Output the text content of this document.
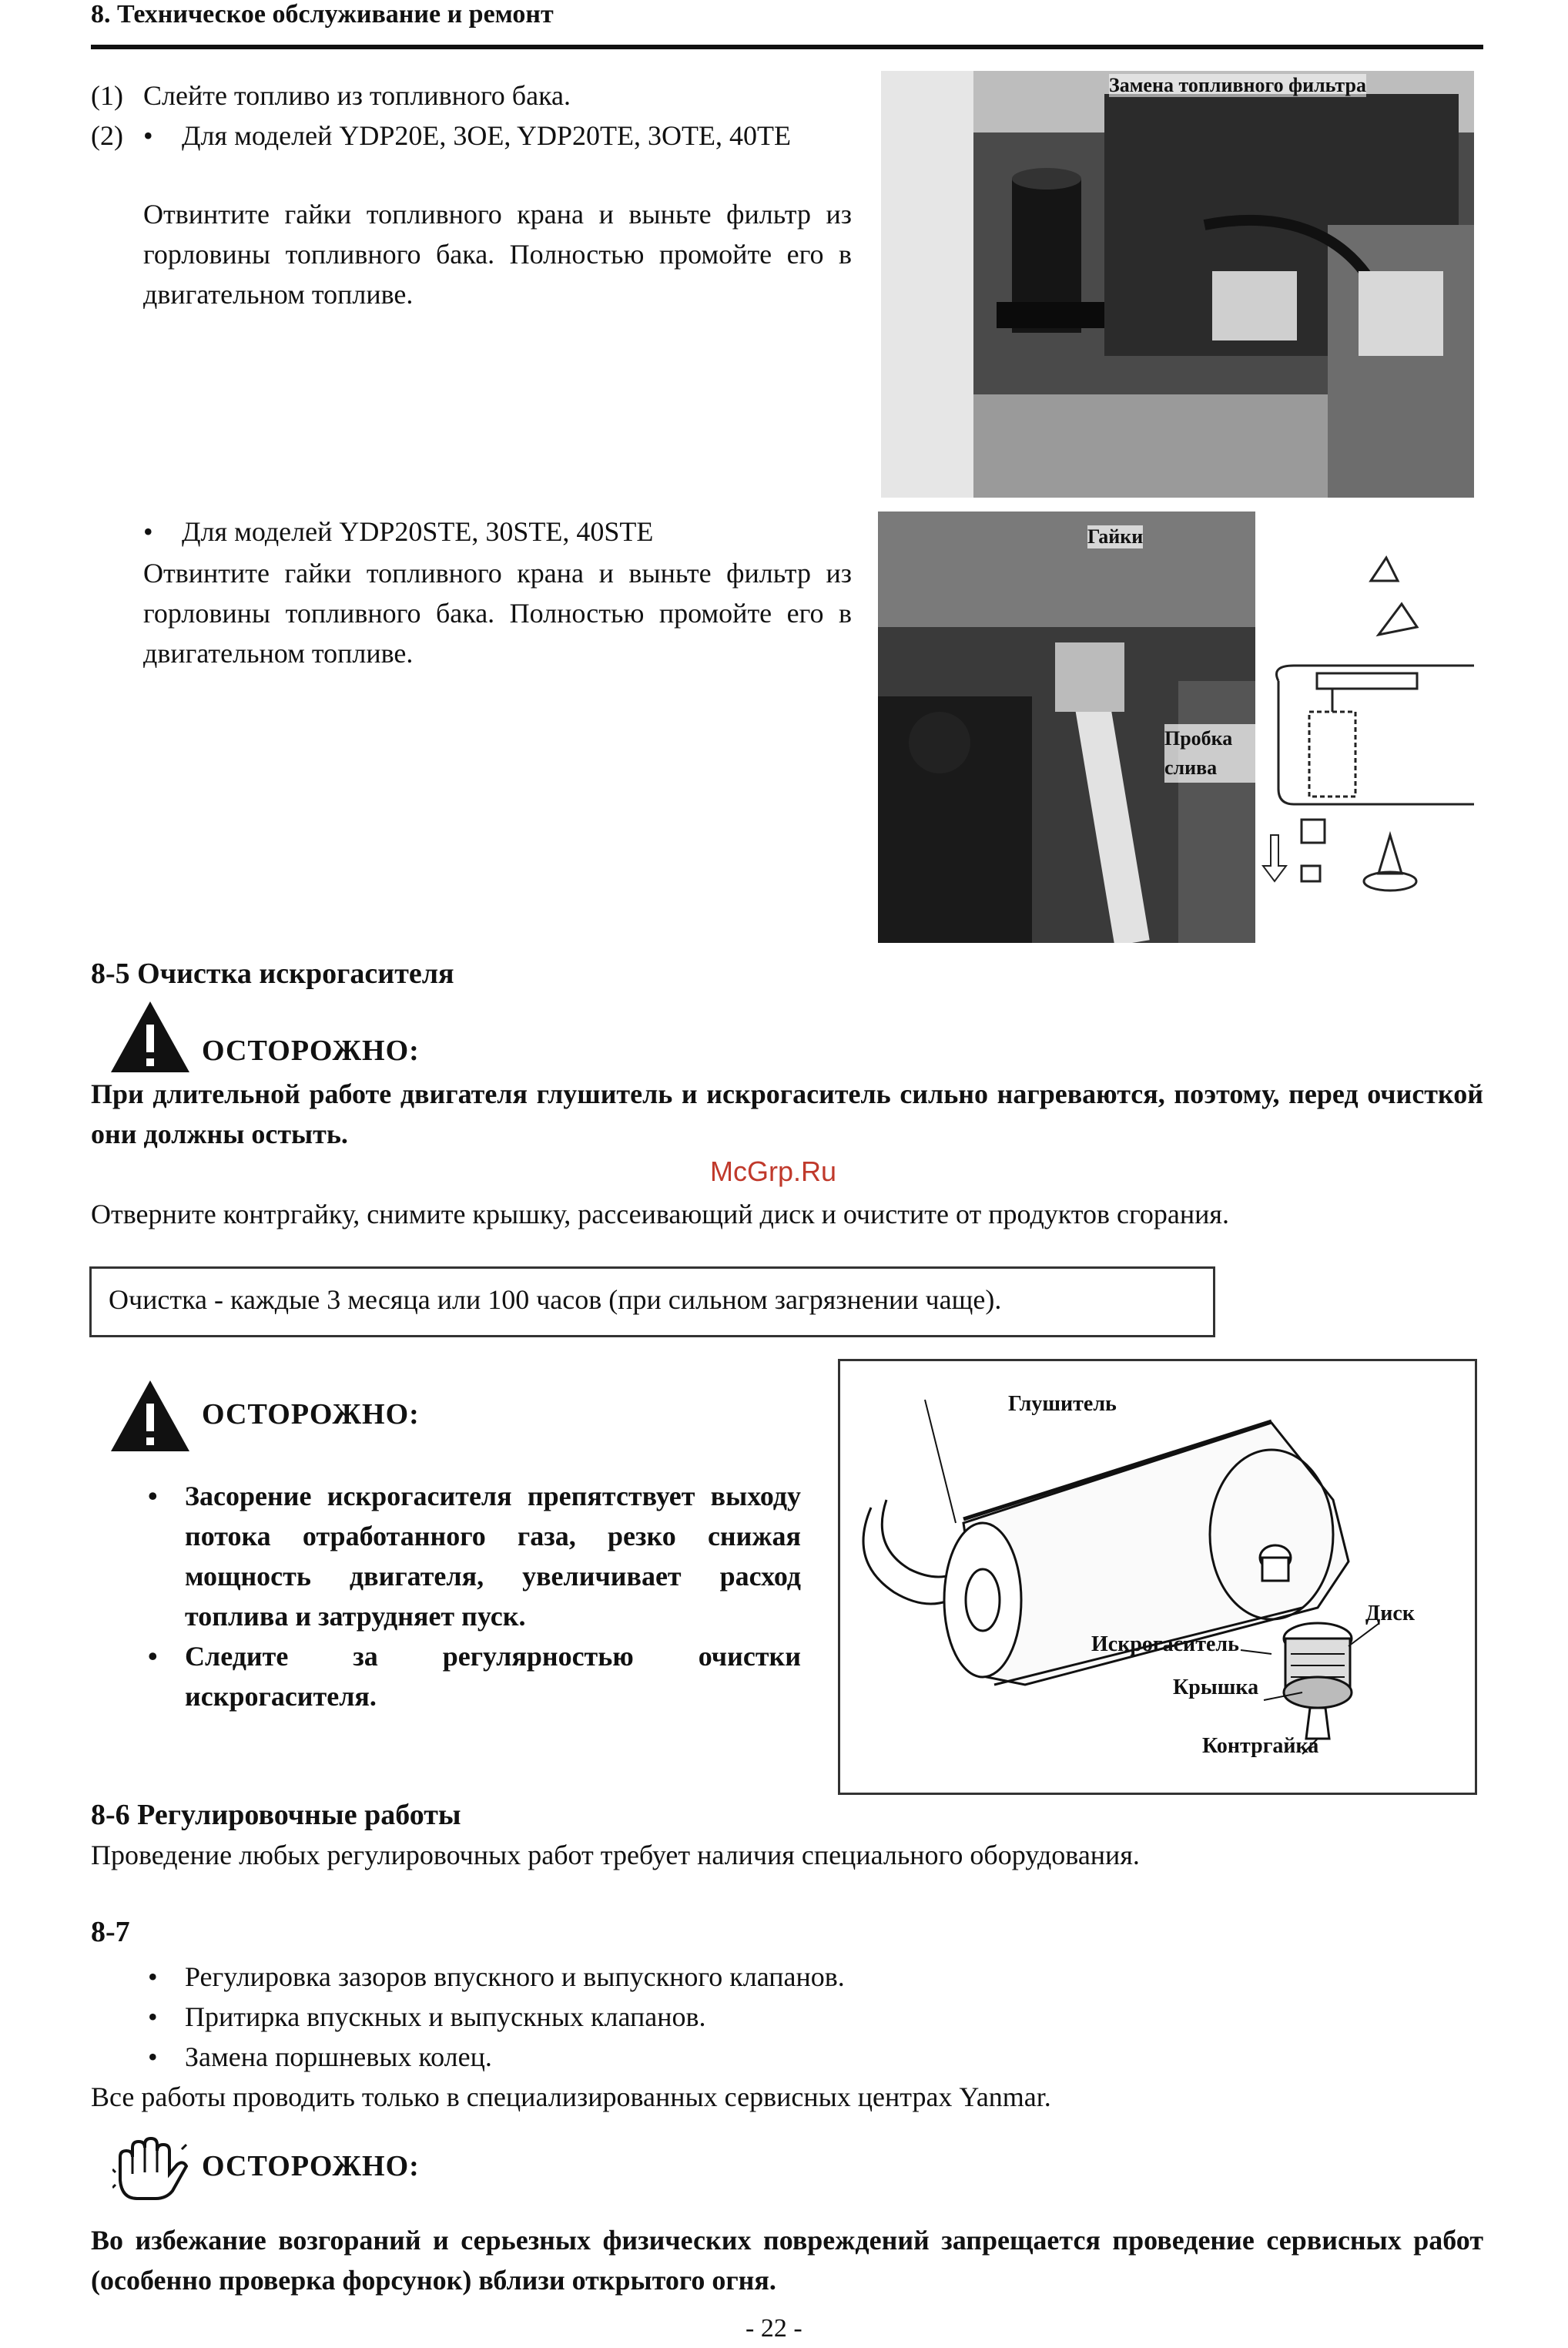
8. Техническое обслуживание и ремонт
(1) Слейте топливо из топливного бака.
(2) • Для моделей YDP20E, 3OE, YDP20TE, 3OTE, 40TE
Отвинтите гайки топливного крана и выньте фильтр из горловины топливного бака. Полностью промойте его в двигательном топливе.
Замена топливного фильтра
• Для моделей YDP20STE, 30STE, 40STE
Отвинтите гайки топливного крана и выньте фильтр из горловины топливного бака. Полностью промойте его в двигательном топливе.
Гайки
Пробка слива
8-5 Очистка искрогасителя
ОСТОРОЖНО:
При длительной работе двигателя глушитель и искрогаситель сильно нагреваются, поэтому, перед очисткой они должны остыть.
McGrp.Ru
Отверните контргайку, снимите крышку, рассеивающий диск и очистите от продуктов сгорания.
Очистка - каждые 3 месяца или 100 часов (при сильном загрязнении чаще).
ОСТОРОЖНО:
• Засорение искрогасителя препятствует выходу потока отработанного газа, резко снижая мощность двигателя, увеличивает расход топлива и затрудняет пуск.
• Следите за регулярностью очистки искрогасителя.
Глушитель
Диск
Искрогаситель
Крышка
Контргайка
8-6 Регулировочные работы
Проведение любых регулировочных работ требует наличия специального оборудования.
8-7
• Регулировка зазоров впускного и выпускного клапанов.
• Притирка впускных и выпускных клапанов.
• Замена поршневых колец.
Все работы проводить только в специализированных сервисных центрах Yanmar.
ОСТОРОЖНО:
Во избежание возгораний и серьезных физических повреждений запрещается проведение сервисных работ (особенно проверка форсунок) вблизи открытого огня.
- 22 -
